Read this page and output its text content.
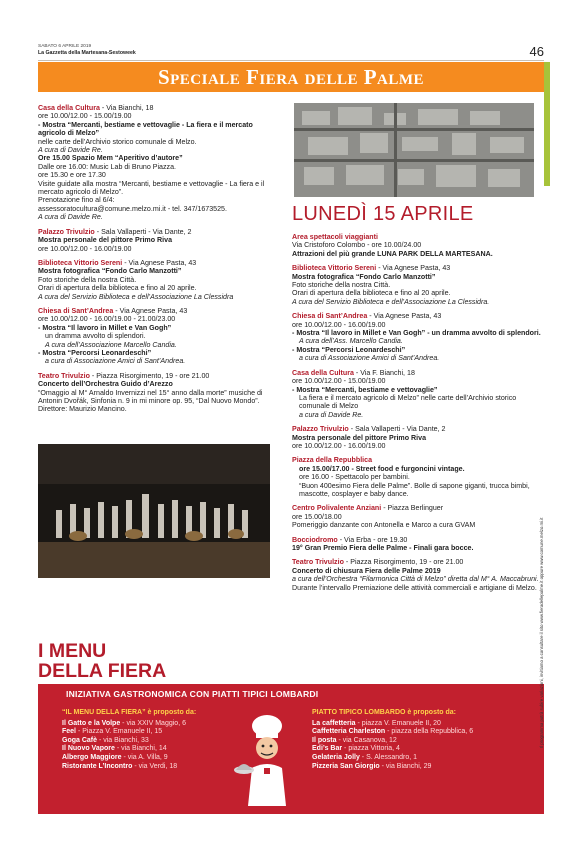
SABATO 6 APRILE 2019
La Gazzetta della Martesana-Sestoweek	46
Speciale Fiera delle Palme
Casa della Cultura - Via Bianchi, 18
ore 10.00/12.00 - 15.00/19.00
- Mostra “Mercanti, bestiame e vettovaglie - La fiera e il mercato agricolo di Melzo”
nelle carte dell’Archivio storico comunale di Melzo.
A cura di Davide Re.
Ore 15.00 Spazio Mem “Aperitivo d’autore”
Dalle ore 16.00: Music Lab di Bruno Piazza.
ore 15.30 e ore 17.30
Visite guidate alla mostra “Mercanti, bestiame e vettovaglie - La fiera e il mercato agricolo di Melzo”.
Prenotazione fino al 6/4:
assessoratocultura@comune.melzo.mi.it - tel. 347/1673525.
A cura di Davide Re.
Palazzo Trivulzio - Sala Vallaperti - Via Dante, 2
Mostra personale del pittore Primo Riva
ore 10.00/12.00 - 16.00/19.00
Biblioteca Vittorio Sereni - Via Agnese Pasta, 43
Mostra fotografica “Fondo Carlo Manzotti”
Foto storiche della nostra Città.
Orari di apertura della biblioteca e fino al 20 aprile.
A cura del Servizio Biblioteca e dell’Associazione La Clessidra
Chiesa di Sant’Andrea - Via Agnese Pasta, 43
ore 10.00/12.00 - 16.00/19.00 - 21.00/23.00
- Mostra “Il lavoro in Millet e Van Gogh”
un dramma avvolto di splendori.
A cura dell’Associazione Marcello Candia.
- Mostra “Percorsi Leonardeschi”
a cura di Associazione Amici di Sant’Andrea.
Teatro Trivulzio - Piazza Risorgimento, 19 - ore 21.00
Concerto dell’Orchestra Guido d’Arezzo
“Omaggio al M° Arnaldo Invernizzi nel 15° anno dalla morte” musiche di Antonin Dvořák, Sinfonia n. 9 in mi minore op. 95, “Dal Nuovo Mondo”. Direttore: Maurizio Mancino.
LUNEDÌ 15 APRILE
Area spettacoli viaggianti
Via Cristoforo Colombo - ore 10.00/24.00
Attrazioni del più grande LUNA PARK DELLA MARTESANA.
Biblioteca Vittorio Sereni - Via Agnese Pasta, 43
Mostra fotografica “Fondo Carlo Manzotti”
Foto storiche della nostra Città.
Orari di apertura della biblioteca e fino al 20 aprile.
A cura del Servizio Biblioteca e dell’Associazione La Clessidra.
Chiesa di Sant’Andrea - Via Agnese Pasta, 43
ore 10.00/12.00 - 16.00/19.00
- Mostra “Il lavoro in Millet e Van Gogh” - un dramma avvolto di splendori.
A cura dell’Ass. Marcello Candia.
- Mostra “Percorsi Leonardeschi”
a cura di Associazione Amici di Sant’Andrea.
Casa della Cultura - Via F. Bianchi, 18
ore 10.00/12.00 - 15.00/19.00
- Mostra “Mercanti, bestiame e vettovaglie”
La fiera e il mercato agricolo di Melzo” nelle carte dell’Archivio storico comunale di Melzo
a cura di Davide Re.
Palazzo Trivulzio - Sala Vallaperti - Via Dante, 2
Mostra personale del pittore Primo Riva
ore 10.00/12.00 - 16.00/19.00
Piazza della Repubblica
ore 15.00/17.00 - Street food e furgoncini vintage.
ore 16.00 - Spettacolo per bambini.
“Buon 400esimo Fiera delle Palme”. Bolle di sapone giganti, trucca bimbi, mascotte, cosplayer e baby dance.
Centro Polivalente Anziani - Piazza Berlinguer
ore 15.00/18.00
Pomeriggio danzante con Antonella e Marco a cura GVAM
Bocciodromo - Via Erba - ore 19.30
19° Gran Premio Fiera delle Palme - Finali gara bocce.
Teatro Trivulzio - Piazza Risorgimento, 19 - ore 21.00
Concerto di chiusura Fiera delle Palme 2019
a cura dell’Orchestra “Filarmonica Città di Melzo” diretta dal M° A. Maccabruni.
Durante l’intervallo Premiazione delle attività commerciali e artigiane di Melzo.
I MENU
DELLA FIERA
INIZIATIVA GASTRONOMICA CON PIATTI TIPICI LOMBARDI
“IL MENU DELLA FIERA” è proposto da:
Il Gatto e la Volpe - via XXIV Maggio, 6
Feel - Piazza V. Emanuele II, 15
Goga Cafè - via Bianchi, 33
Il Nuovo Vapore - via Bianchi, 14
Albergo Maggiore - via A. Villa, 9
Ristorante L’Incontro - via Verdi, 18
PIATTO TIPICO LOMBARDO è proposto da:
La caffetteria - piazza V. Emanuele II, 20
Caffetteria Charleston - piazza della Repubblica, 6
Il posta - via Casanova, 12
Edi’s Bar - piazza Vittoria, 4
Gelateria Jolly - S. Alessandro, 1
Pizzeria San Giorgio - via Bianchi, 29
Il programma potrà subire variazioni, invitiamo a consultare il sito www.fieradellepalme.it oppure www.comune.melzo.mi.it
